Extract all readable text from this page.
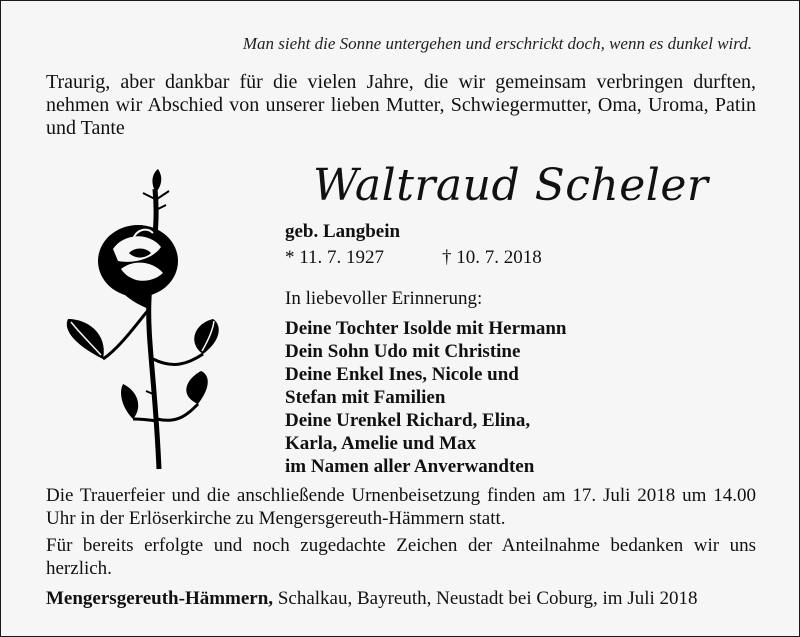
Man sieht die Sonne untergehen und erschrickt doch, wenn es dunkel wird.
Traurig, aber dankbar für die vielen Jahre, die wir gemeinsam verbringen durften, nehmen wir Abschied von unserer lieben Mutter, Schwiegermutter, Oma, Uroma, Patin und Tante
Waltraud Scheler
geb. Langbein
* 11. 7. 1927	† 10. 7. 2018
In liebevoller Erinnerung:
Deine Tochter Isolde mit Hermann
Dein Sohn Udo mit Christine
Deine Enkel Ines, Nicole und
Stefan mit Familien
Deine Urenkel Richard, Elina,
Karla, Amelie und Max
im Namen aller Anverwandten
Die Trauerfeier und die anschließende Urnenbeisetzung finden am 17. Juli 2018 um 14.00 Uhr in der Erlöserkirche zu Mengersgereuth-Hämmern statt.
Für bereits erfolgte und noch zugedachte Zeichen der Anteilnahme bedanken wir uns herzlich.
Mengersgereuth-Hämmern, Schalkau, Bayreuth, Neustadt bei Coburg, im Juli 2018
